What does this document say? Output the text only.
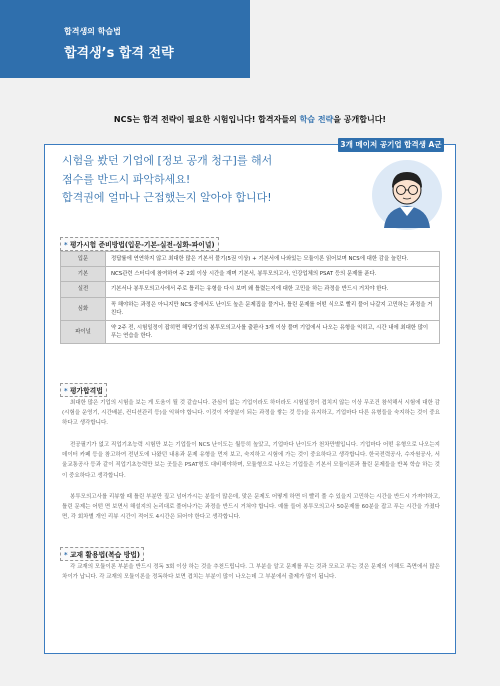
합격생의 학습법
합격생’s 합격 전략
NCS는 합격 전략이 필요한 시험입니다! 합격자들의 학습 전략을 공개합니다!
3개 메이저 공기업 합격생 A군
시험을 봤던 기업에 [정보 공개 청구]를 해서
점수를 반드시 파악하세요!
합격권에 얼마나 근접했는지 알아야 합니다!
* 평가시험 준비방법(입문-기본-실전-심화-파이널)
입문	정답률에 연연하지 않고 최대한 많은 기본서 풀기(5권 이상) + 기본서에 나와있는 모듈이론 읽어보며 NCS에 대한 감을 늘린다.
기본	NCS관련 스터디에 참여하여 주 2회 이상 시간을 재며 기본서, 봉투모의고사, 인강업체의 PSAT 등의 문제를 푼다.
실전	기본서나 봉투모의고사에서 주로 틀리는 유형을 다시 보며 왜 틀렸는지에 대한 고민을 하는 과정을 반드시 거치야 한다.
심화	꼭 해야하는 과정은 아니지만 NCS 중에서도 난이도 높은 문제집을 풀거나, 틀린 문제를 어떤 식으로 빨리 풀어 나갈지 고민하는 과정을 거친다.
파이널	약 2주 전, 시험일정이 잡히면 해당기업의 봉투모의고사를 출판사 3개 이상 풀며 기업에서 나오는 유형을 익히고, 시간 내에 최대한 많이 푸는 연습을 한다.
* 평가합격법
최대한 많은 기업의 시험을 보는 게 도움이 될 것 같습니다. 관심이 없는 기업이라도 하더라도 시험일정이 겹치지 않는 이상 무조건 참석해서 시험에 대한 감(시험을 운영기, 시간배분, 컨디션관리 등)을 익혀야 합니다. 이것이 자양분이 되는 과정을 쌓는 것 등)을 유지하고, 기업마다 다른 유형들을 숙지하는 것이 중요하다고 생각합니다.
전공필기가 없고 직업기초능력 시험만 보는 기업들이 NCS 난이도는 월등히 높았고, 기업마다 난이도가 천차만별입니다. 기업마다 어떤 유형으로 나오는지 데이터 카페 등을 참고하여 전년도에 나왔던 내용과 문제 유형을 먼저 보고, 숙지하고 시험에 가는 것이 중요하다고 생각합니다. 한국전력공사, 수자원공사, 서울교통공사 등과 같이 직업기초능력만 보는 곳들은 PSAT형도 대비해야하며, 모듈형으로 나오는 기업들은 기본서 모듈이론과 틀린 문제들을 반복 학습 하는 것이 중요하다고 생각합니다.
봉투모의고사를 리뷰할 때 틀린 부분만 짚고 넘어가시는 분들이 많은데, 맞은 문제도 어떻게 하면 더 빨리 풀 수 있을지 고민하는 시간을 반드시 가져야하고, 틀린 문제는 어떤 면 보면서 해설지의 논리대로 풀어나가는 과정을 반드시 거쳐야 합니다. 예를 들어 봉투모의고사 50문제를 60분을 잡고 푸는 시간을 가졌다면, 각 회차별 개인 리뷰 시간이 적어도 4시간은 되어야 한다고 생각합니다.
* 교재 활용법(복습 방법)
각 교재의 모듈이론 부분을 반드시 정독 3회 이상 하는 것을 추천드립니다. 그 부분을 알고 문제를 푸는 것과 모르고 푸는 것은 문제의 이해도 측면에서 많은 차이가 납니다. 각 교재의 모듈이론을 정독하다 보면 겹치는 부분이 많이 나오는데 그 부분에서 출제가 많이 됩니다.
